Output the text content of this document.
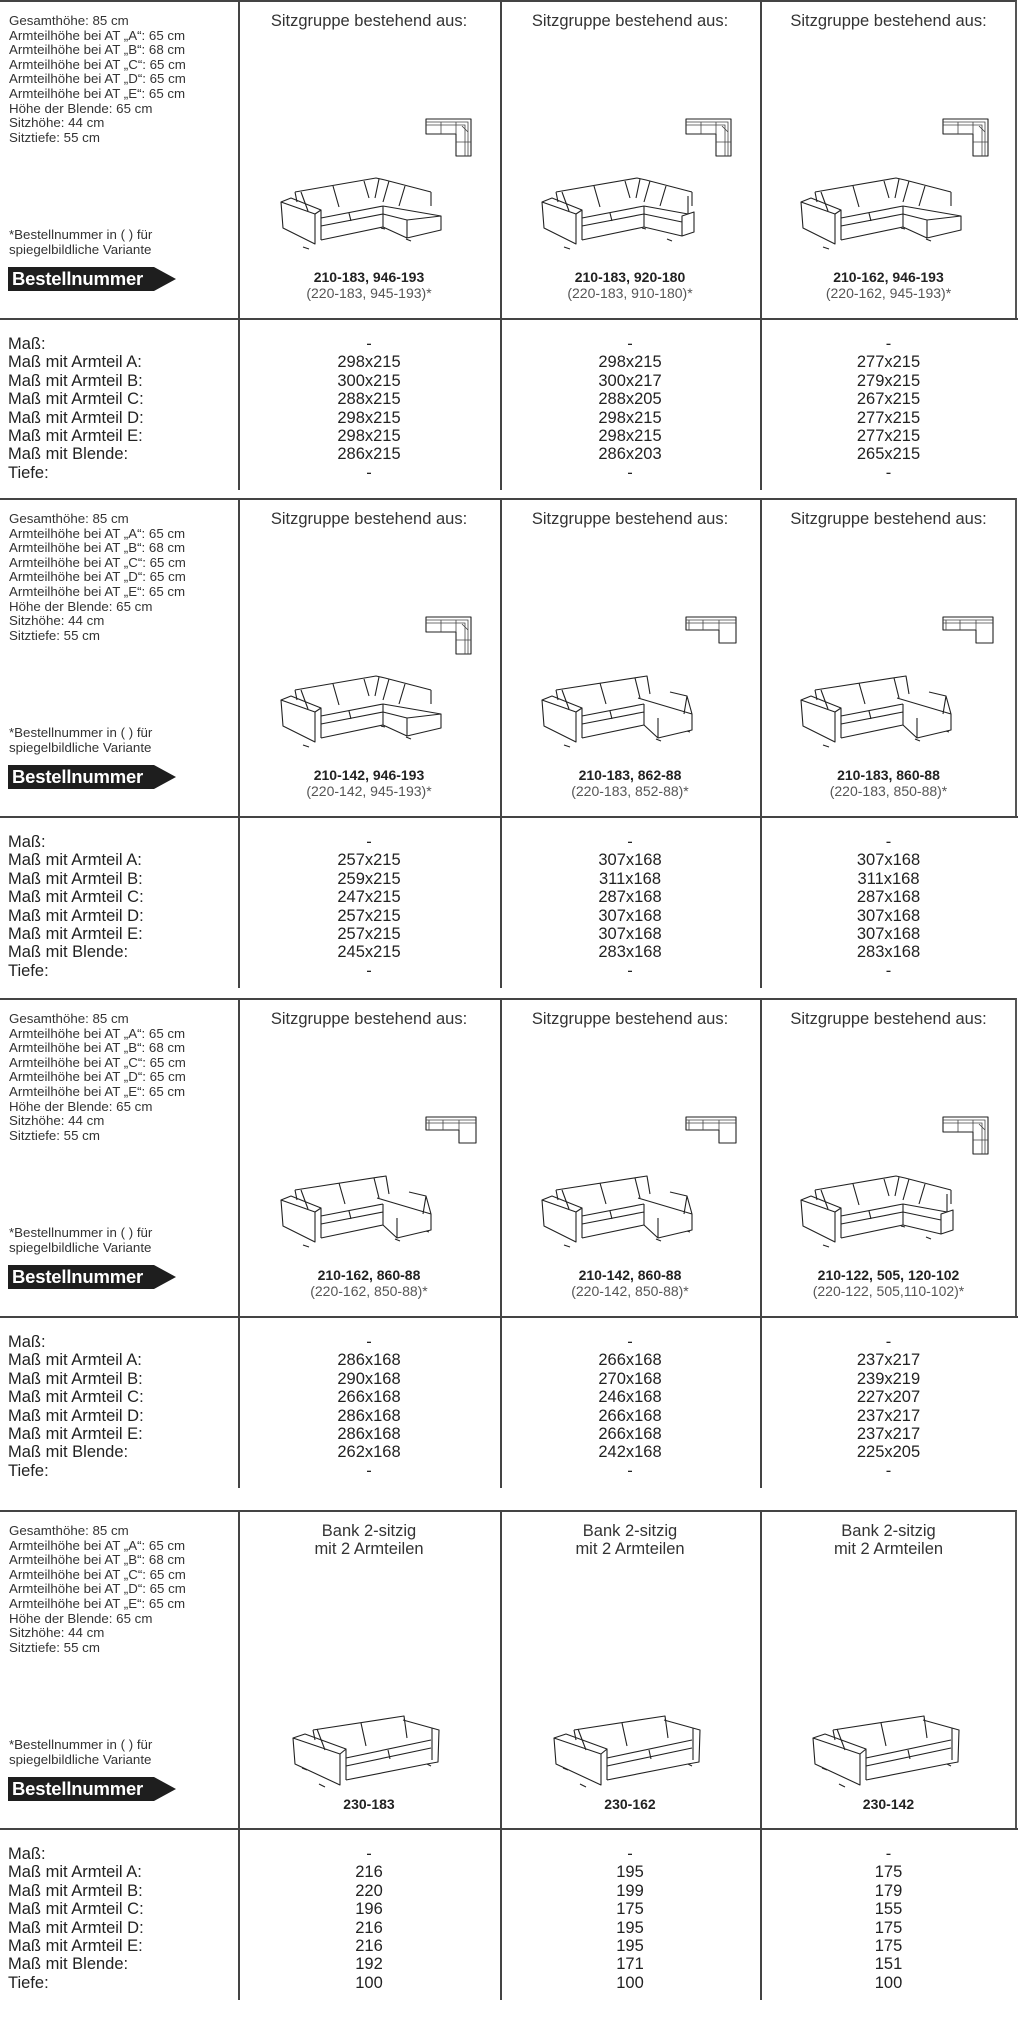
Gesamthöhe: 85 cm
Armteilhöhe bei AT „A“: 65 cm
Armteilhöhe bei AT „B“: 68 cm
Armteilhöhe bei AT „C“: 65 cm
Armteilhöhe bei AT „D“: 65 cm
Armteilhöhe bei AT „E“: 65 cm
Höhe der Blende: 65 cm
Sitzhöhe: 44 cm
Sitztiefe: 55 cm
*Bestellnummer in ( ) für
spiegelbildliche Variante
Bestellnummer
Sitzgruppe bestehend aus:
210-183, 946-193
(220-183, 945-193)*
-
298x215
300x215
288x215
298x215
298x215
286x215
-
Sitzgruppe bestehend aus:
210-183, 920-180
(220-183, 910-180)*
-
298x215
300x217
288x205
298x215
298x215
286x203
-
Sitzgruppe bestehend aus:
210-162, 946-193
(220-162, 945-193)*
-
277x215
279x215
267x215
277x215
277x215
265x215
-
Maß:
Maß mit Armteil A:
Maß mit Armteil B:
Maß mit Armteil C:
Maß mit Armteil D:
Maß mit Armteil E:
Maß mit Blende:
Tiefe:
Gesamthöhe: 85 cm
Armteilhöhe bei AT „A“: 65 cm
Armteilhöhe bei AT „B“: 68 cm
Armteilhöhe bei AT „C“: 65 cm
Armteilhöhe bei AT „D“: 65 cm
Armteilhöhe bei AT „E“: 65 cm
Höhe der Blende: 65 cm
Sitzhöhe: 44 cm
Sitztiefe: 55 cm
*Bestellnummer in ( ) für
spiegelbildliche Variante
Bestellnummer
Sitzgruppe bestehend aus:
210-142, 946-193
(220-142, 945-193)*
-
257x215
259x215
247x215
257x215
257x215
245x215
-
Sitzgruppe bestehend aus:
210-183, 862-88
(220-183, 852-88)*
-
307x168
311x168
287x168
307x168
307x168
283x168
-
Sitzgruppe bestehend aus:
210-183, 860-88
(220-183, 850-88)*
-
307x168
311x168
287x168
307x168
307x168
283x168
-
Maß:
Maß mit Armteil A:
Maß mit Armteil B:
Maß mit Armteil C:
Maß mit Armteil D:
Maß mit Armteil E:
Maß mit Blende:
Tiefe:
Gesamthöhe: 85 cm
Armteilhöhe bei AT „A“: 65 cm
Armteilhöhe bei AT „B“: 68 cm
Armteilhöhe bei AT „C“: 65 cm
Armteilhöhe bei AT „D“: 65 cm
Armteilhöhe bei AT „E“: 65 cm
Höhe der Blende: 65 cm
Sitzhöhe: 44 cm
Sitztiefe: 55 cm
*Bestellnummer in ( ) für
spiegelbildliche Variante
Bestellnummer
Sitzgruppe bestehend aus:
210-162, 860-88
(220-162, 850-88)*
-
286x168
290x168
266x168
286x168
286x168
262x168
-
Sitzgruppe bestehend aus:
210-142, 860-88
(220-142, 850-88)*
-
266x168
270x168
246x168
266x168
266x168
242x168
-
Sitzgruppe bestehend aus:
210-122, 505, 120-102
(220-122, 505,110-102)*
-
237x217
239x219
227x207
237x217
237x217
225x205
-
Maß:
Maß mit Armteil A:
Maß mit Armteil B:
Maß mit Armteil C:
Maß mit Armteil D:
Maß mit Armteil E:
Maß mit Blende:
Tiefe:
Gesamthöhe: 85 cm
Armteilhöhe bei AT „A“: 65 cm
Armteilhöhe bei AT „B“: 68 cm
Armteilhöhe bei AT „C“: 65 cm
Armteilhöhe bei AT „D“: 65 cm
Armteilhöhe bei AT „E“: 65 cm
Höhe der Blende: 65 cm
Sitzhöhe: 44 cm
Sitztiefe: 55 cm
*Bestellnummer in ( ) für
spiegelbildliche Variante
Bestellnummer
Bank 2-sitzig
mit 2 Armteilen
230-183
-
216
220
196
216
216
192
100
Bank 2-sitzig
mit 2 Armteilen
230-162
-
195
199
175
195
195
171
100
Bank 2-sitzig
mit 2 Armteilen
230-142
-
175
179
155
175
175
151
100
Maß:
Maß mit Armteil A:
Maß mit Armteil B:
Maß mit Armteil C:
Maß mit Armteil D:
Maß mit Armteil E:
Maß mit Blende:
Tiefe:
